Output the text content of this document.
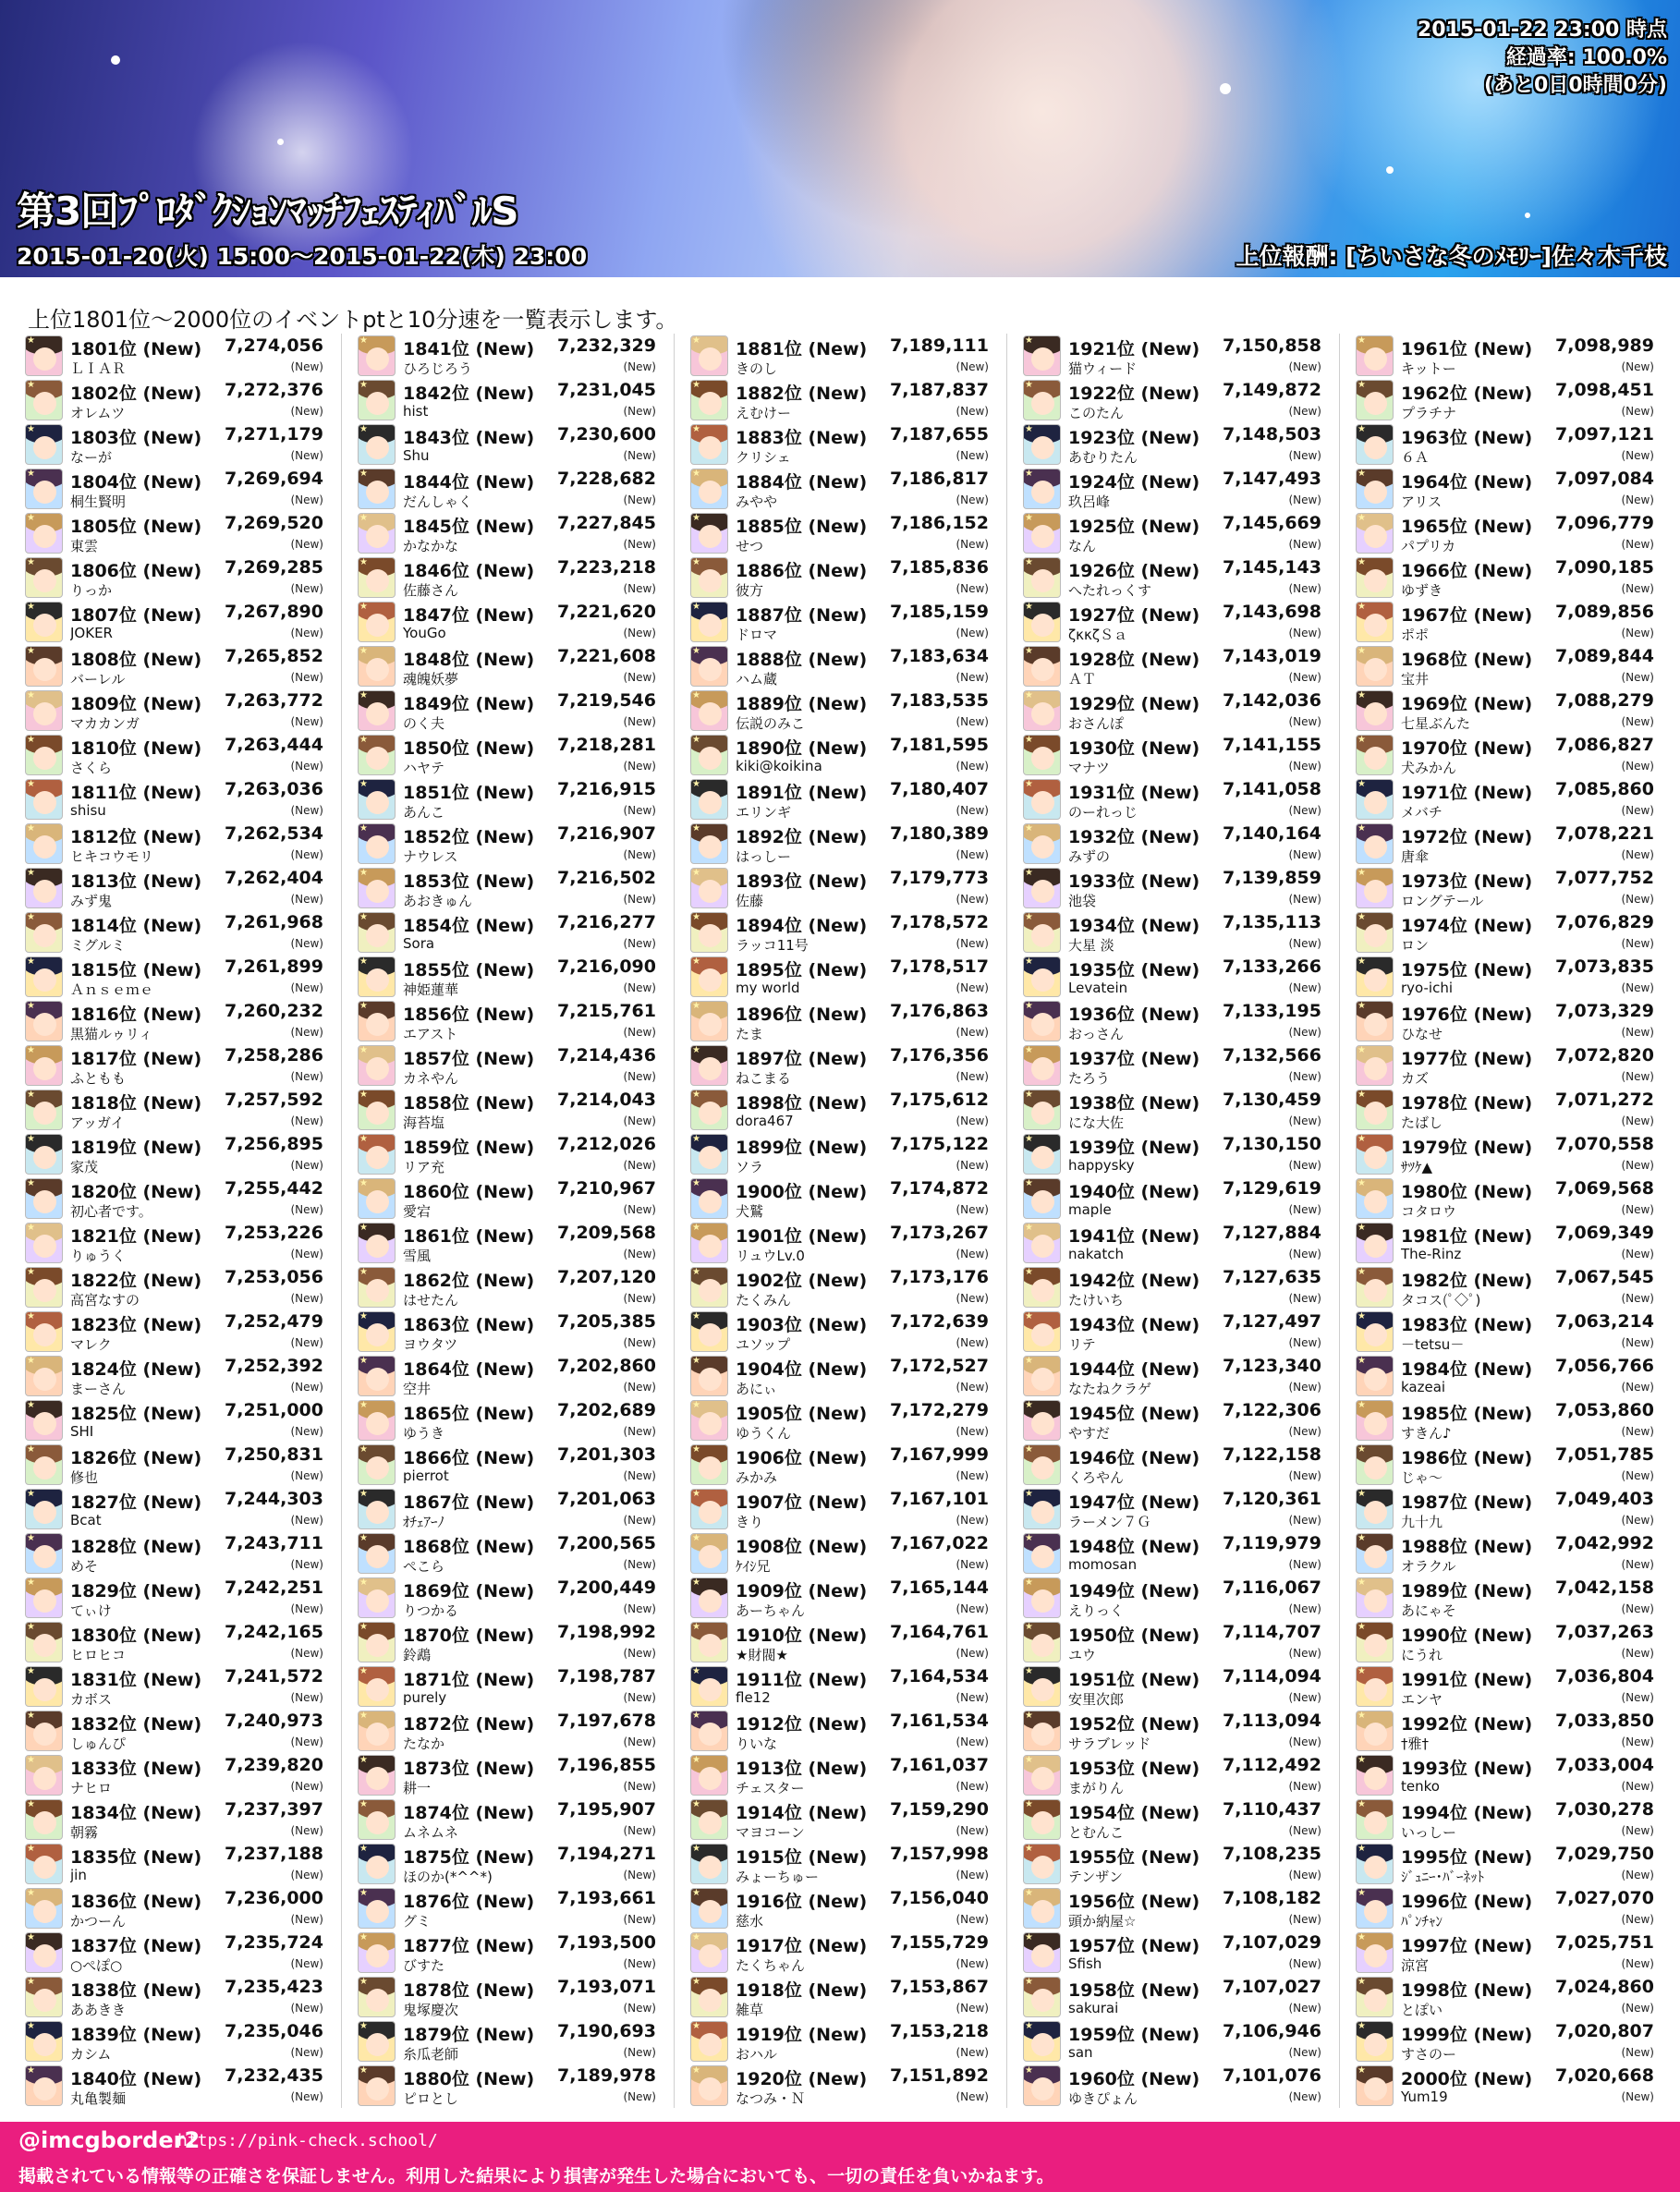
2015-01-22 23:00 時点
経過率: 100.0%
(あと0日0時間0分)
第3回ﾌﾟﾛﾀﾞｸｼｮﾝﾏｯﾁﾌｪｽﾃｨﾊﾞﾙS
2015-01-20(火) 15:00～2015-01-22(木) 23:00	上位報酬: [ちいさな冬のﾒﾓﾘｰ]佐々木千枝
上位1801位～2000位のイベントptと10分速を一覧表示します。
★ 1801位 (New) 7,274,056
ＬＩＡＲ	(New)
★ 1802位 (New) 7,272,376
オレムツ	(New)
★ 1803位 (New) 7,271,179
なーが	(New)
★ 1804位 (New) 7,269,694
桐生賢明	(New)
★ 1805位 (New) 7,269,520
東雲	(New)
★ 1806位 (New) 7,269,285
りっか	(New)
★ 1807位 (New) 7,267,890
JOKER	(New)
★ 1808位 (New) 7,265,852
バーレル	(New)
★ 1809位 (New) 7,263,772
マカカンガ	(New)
★ 1810位 (New) 7,263,444
さくら	(New)
★ 1811位 (New) 7,263,036
shisu	(New)
★ 1812位 (New) 7,262,534
ヒキコウモリ	(New)
★ 1813位 (New) 7,262,404
みず鬼	(New)
★ 1814位 (New) 7,261,968
ミグルミ	(New)
★ 1815位 (New) 7,261,899
Ａｎｓｅｍｅ	(New)
★ 1816位 (New) 7,260,232
黒猫ルゥリィ	(New)
★ 1817位 (New) 7,258,286
ふともも	(New)
★ 1818位 (New) 7,257,592
アッガイ	(New)
★ 1819位 (New) 7,256,895
家茂	(New)
★ 1820位 (New) 7,255,442
初心者です。	(New)
★ 1821位 (New) 7,253,226
りゅうく	(New)
★ 1822位 (New) 7,253,056
高宮なすの	(New)
★ 1823位 (New) 7,252,479
マレク	(New)
★ 1824位 (New) 7,252,392
まーさん	(New)
★ 1825位 (New) 7,251,000
SHI	(New)
★ 1826位 (New) 7,250,831
修也	(New)
★ 1827位 (New) 7,244,303
Bcat	(New)
★ 1828位 (New) 7,243,711
めそ	(New)
★ 1829位 (New) 7,242,251
てぃけ	(New)
★ 1830位 (New) 7,242,165
ヒロヒコ	(New)
★ 1831位 (New) 7,241,572
カボス	(New)
★ 1832位 (New) 7,240,973
しゅんぴ	(New)
★ 1833位 (New) 7,239,820
ナヒロ	(New)
★ 1834位 (New) 7,237,397
朝霧	(New)
★ 1835位 (New) 7,237,188
jin	(New)
★ 1836位 (New) 7,236,000
かつーん	(New)
★ 1837位 (New) 7,235,724
○ぺぽ○	(New)
★ 1838位 (New) 7,235,423
ああきき	(New)
★ 1839位 (New) 7,235,046
カシム	(New)
★ 1840位 (New) 7,232,435
丸亀製麺	(New)
★ 1841位 (New) 7,232,329
ひろじろう	(New)
★ 1842位 (New) 7,231,045
hist	(New)
★ 1843位 (New) 7,230,600
Shu	(New)
★ 1844位 (New) 7,228,682
だんしゃく	(New)
★ 1845位 (New) 7,227,845
かなかな	(New)
★ 1846位 (New) 7,223,218
佐藤さん	(New)
★ 1847位 (New) 7,221,620
YouGo	(New)
★ 1848位 (New) 7,221,608
魂魄妖夢	(New)
★ 1849位 (New) 7,219,546
のく夫	(New)
★ 1850位 (New) 7,218,281
ハヤテ	(New)
★ 1851位 (New) 7,216,915
あんこ	(New)
★ 1852位 (New) 7,216,907
ナウレス	(New)
★ 1853位 (New) 7,216,502
あおきゅん	(New)
★ 1854位 (New) 7,216,277
Sora	(New)
★ 1855位 (New) 7,216,090
神姫蓮華	(New)
★ 1856位 (New) 7,215,761
エアスト	(New)
★ 1857位 (New) 7,214,436
カネやん	(New)
★ 1858位 (New) 7,214,043
海苔塩	(New)
★ 1859位 (New) 7,212,026
リア充	(New)
★ 1860位 (New) 7,210,967
愛宕	(New)
★ 1861位 (New) 7,209,568
雪風	(New)
★ 1862位 (New) 7,207,120
はせたん	(New)
★ 1863位 (New) 7,205,385
ヨウタツ	(New)
★ 1864位 (New) 7,202,860
空井	(New)
★ 1865位 (New) 7,202,689
ゆうき	(New)
★ 1866位 (New) 7,201,303
pierrot	(New)
★ 1867位 (New) 7,201,063
ｵﾁｪｱｰﾉ	(New)
★ 1868位 (New) 7,200,565
ぺこら	(New)
★ 1869位 (New) 7,200,449
りつかる	(New)
★ 1870位 (New) 7,198,992
鈴鵡	(New)
★ 1871位 (New) 7,198,787
purely	(New)
★ 1872位 (New) 7,197,678
たなか	(New)
★ 1873位 (New) 7,196,855
耕一	(New)
★ 1874位 (New) 7,195,907
ムネムネ	(New)
★ 1875位 (New) 7,194,271
ほのか(*^^*)	(New)
★ 1876位 (New) 7,193,661
グミ	(New)
★ 1877位 (New) 7,193,500
びすた	(New)
★ 1878位 (New) 7,193,071
鬼塚慶次	(New)
★ 1879位 (New) 7,190,693
糸瓜老師	(New)
★ 1880位 (New) 7,189,978
ピロとし	(New)
★ 1881位 (New) 7,189,111
きのし	(New)
★ 1882位 (New) 7,187,837
えむけー	(New)
★ 1883位 (New) 7,187,655
クリシェ	(New)
★ 1884位 (New) 7,186,817
みやや	(New)
★ 1885位 (New) 7,186,152
せつ	(New)
★ 1886位 (New) 7,185,836
彼方	(New)
★ 1887位 (New) 7,185,159
ドロマ	(New)
★ 1888位 (New) 7,183,634
ハム蔵	(New)
★ 1889位 (New) 7,183,535
伝説のみこ	(New)
★ 1890位 (New) 7,181,595
kiki@koikina	(New)
★ 1891位 (New) 7,180,407
エリンギ	(New)
★ 1892位 (New) 7,180,389
はっしー	(New)
★ 1893位 (New) 7,179,773
佐藤	(New)
★ 1894位 (New) 7,178,572
ラッコ11号	(New)
★ 1895位 (New) 7,178,517
my world	(New)
★ 1896位 (New) 7,176,863
たま	(New)
★ 1897位 (New) 7,176,356
ねこまる	(New)
★ 1898位 (New) 7,175,612
dora467	(New)
★ 1899位 (New) 7,175,122
ソラ	(New)
★ 1900位 (New) 7,174,872
犬鷲	(New)
★ 1901位 (New) 7,173,267
リュウLv.0	(New)
★ 1902位 (New) 7,173,176
たくみん	(New)
★ 1903位 (New) 7,172,639
ユソップ	(New)
★ 1904位 (New) 7,172,527
あにぃ	(New)
★ 1905位 (New) 7,172,279
ゆうくん	(New)
★ 1906位 (New) 7,167,999
みかみ	(New)
★ 1907位 (New) 7,167,101
きり	(New)
★ 1908位 (New) 7,167,022
ｹｲｼ兄	(New)
★ 1909位 (New) 7,165,144
あーちゃん	(New)
★ 1910位 (New) 7,164,761
★財閥★	(New)
★ 1911位 (New) 7,164,534
fle12	(New)
★ 1912位 (New) 7,161,534
りいな	(New)
★ 1913位 (New) 7,161,037
チェスター	(New)
★ 1914位 (New) 7,159,290
マヨコーン	(New)
★ 1915位 (New) 7,157,998
みょーちゅー	(New)
★ 1916位 (New) 7,156,040
慈水	(New)
★ 1917位 (New) 7,155,729
たくちゃん	(New)
★ 1918位 (New) 7,153,867
雑草	(New)
★ 1919位 (New) 7,153,218
おハル	(New)
★ 1920位 (New) 7,151,892
なつみ・Ｎ	(New)
★ 1921位 (New) 7,150,858
猫ウィード	(New)
★ 1922位 (New) 7,149,872
このたん	(New)
★ 1923位 (New) 7,148,503
あむりたん	(New)
★ 1924位 (New) 7,147,493
玖呂峰	(New)
★ 1925位 (New) 7,145,669
なん	(New)
★ 1926位 (New) 7,145,143
へたれっくす	(New)
★ 1927位 (New) 7,143,698
ζκκζＳａ	(New)
★ 1928位 (New) 7,143,019
ＡＴ	(New)
★ 1929位 (New) 7,142,036
おさんぽ	(New)
★ 1930位 (New) 7,141,155
マナツ	(New)
★ 1931位 (New) 7,141,058
のーれっじ	(New)
★ 1932位 (New) 7,140,164
みずの	(New)
★ 1933位 (New) 7,139,859
池袋	(New)
★ 1934位 (New) 7,135,113
大星 淡	(New)
★ 1935位 (New) 7,133,266
Levatein	(New)
★ 1936位 (New) 7,133,195
おっさん	(New)
★ 1937位 (New) 7,132,566
たろう	(New)
★ 1938位 (New) 7,130,459
にな大佐	(New)
★ 1939位 (New) 7,130,150
happysky	(New)
★ 1940位 (New) 7,129,619
maple	(New)
★ 1941位 (New) 7,127,884
nakatch	(New)
★ 1942位 (New) 7,127,635
たけいち	(New)
★ 1943位 (New) 7,127,497
リテ	(New)
★ 1944位 (New) 7,123,340
なたねクラゲ	(New)
★ 1945位 (New) 7,122,306
やすだ	(New)
★ 1946位 (New) 7,122,158
くろやん	(New)
★ 1947位 (New) 7,120,361
ラーメン７Ｇ	(New)
★ 1948位 (New) 7,119,979
momosan	(New)
★ 1949位 (New) 7,116,067
えりっく	(New)
★ 1950位 (New) 7,114,707
ユウ	(New)
★ 1951位 (New) 7,114,094
安里次郎	(New)
★ 1952位 (New) 7,113,094
サラブレッド	(New)
★ 1953位 (New) 7,112,492
まがりん	(New)
★ 1954位 (New) 7,110,437
とむんこ	(New)
★ 1955位 (New) 7,108,235
テンザン	(New)
★ 1956位 (New) 7,108,182
頭か納屋☆	(New)
★ 1957位 (New) 7,107,029
Sfish	(New)
★ 1958位 (New) 7,107,027
sakurai	(New)
★ 1959位 (New) 7,106,946
san	(New)
★ 1960位 (New) 7,101,076
ゆきぴょん	(New)
★ 1961位 (New) 7,098,989
キットー	(New)
★ 1962位 (New) 7,098,451
プラチナ	(New)
★ 1963位 (New) 7,097,121
６Ａ	(New)
★ 1964位 (New) 7,097,084
アリス	(New)
★ 1965位 (New) 7,096,779
パプリカ	(New)
★ 1966位 (New) 7,090,185
ゆずき	(New)
★ 1967位 (New) 7,089,856
ポポ	(New)
★ 1968位 (New) 7,089,844
宝井	(New)
★ 1969位 (New) 7,088,279
七星ぶんた	(New)
★ 1970位 (New) 7,086,827
犬みかん	(New)
★ 1971位 (New) 7,085,860
メバチ	(New)
★ 1972位 (New) 7,078,221
唐傘	(New)
★ 1973位 (New) 7,077,752
ロングテール	(New)
★ 1974位 (New) 7,076,829
ロン	(New)
★ 1975位 (New) 7,073,835
ryo-ichi	(New)
★ 1976位 (New) 7,073,329
ひなせ	(New)
★ 1977位 (New) 7,072,820
カズ	(New)
★ 1978位 (New) 7,071,272
たばし	(New)
★ 1979位 (New) 7,070,558
ｻﾂｹ▲	(New)
★ 1980位 (New) 7,069,568
コタロウ	(New)
★ 1981位 (New) 7,069,349
The-Rinz	(New)
★ 1982位 (New) 7,067,545
タコス(ﾟ◇ﾟ)	(New)
★ 1983位 (New) 7,063,214
－tetsu－	(New)
★ 1984位 (New) 7,056,766
kazeai	(New)
★ 1985位 (New) 7,053,860
すきん♪	(New)
★ 1986位 (New) 7,051,785
じゃ～	(New)
★ 1987位 (New) 7,049,403
九十九	(New)
★ 1988位 (New) 7,042,992
オラクル	(New)
★ 1989位 (New) 7,042,158
あにゃそ	(New)
★ 1990位 (New) 7,037,263
にうれ	(New)
★ 1991位 (New) 7,036,804
エンヤ	(New)
★ 1992位 (New) 7,033,850
†雅†	(New)
★ 1993位 (New) 7,033,004
tenko	(New)
★ 1994位 (New) 7,030,278
いっしー	(New)
★ 1995位 (New) 7,029,750
ｼﾞｭﾆｰ･ﾊﾞｰﾈｯﾄ	(New)
★ 1996位 (New) 7,027,070
ﾊﾟﾝﾁｬﾝ	(New)
★ 1997位 (New) 7,025,751
涼宮	(New)
★ 1998位 (New) 7,024,860
とぽい	(New)
★ 1999位 (New) 7,020,807
すさのー	(New)
★ 2000位 (New) 7,020,668
Yum19	(New)
@imcgborder2
https://pink-check.school/
掲載されている情報等の正確さを保証しません。利用した結果により損害が発生した場合においても、一切の責任を負いかねます。
